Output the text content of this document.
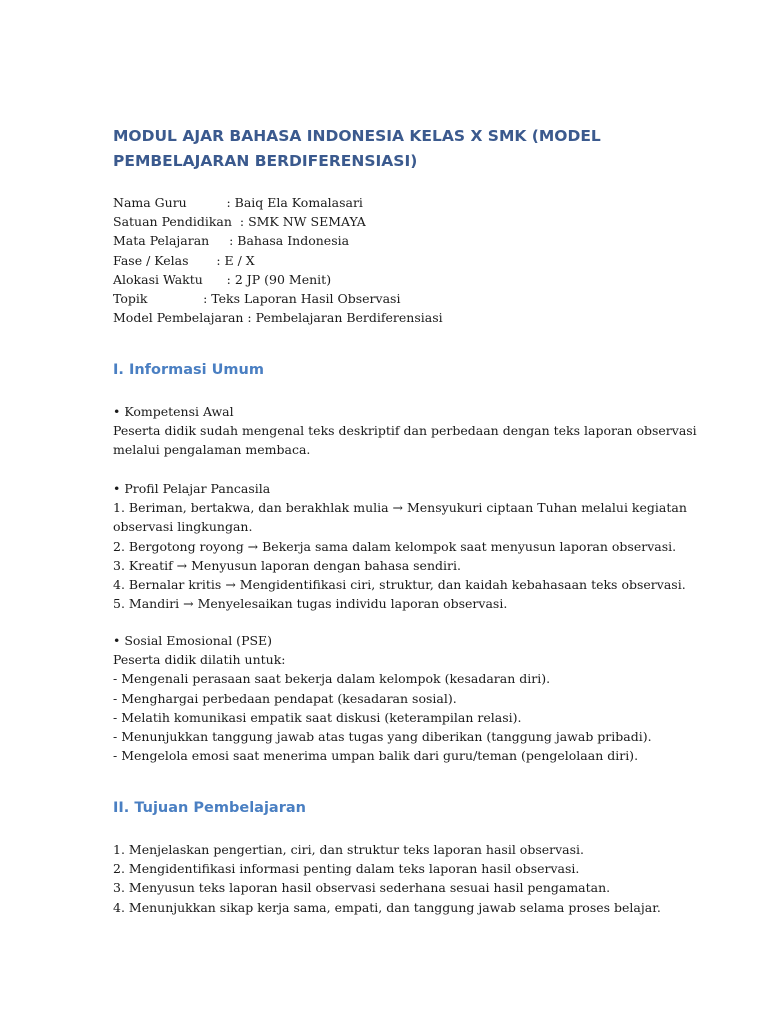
MODUL AJAR BAHASA INDONESIA KELAS X SMK (MODEL PEMBELAJARAN BERDIFERENSIASI)

Nama Guru          : Baiq Ela Komalasari

Satuan Pendidikan  : SMK NW SEMAYA

Mata Pelajaran     : Bahasa Indonesia

Fase / Kelas       : E / X

Alokasi Waktu      : 2 JP (90 Menit)

Topik              : Teks Laporan Hasil Observasi

Model Pembelajaran : Pembelajaran Berdiferensiasi

I. Informasi Umum

• Kompetensi Awal

Peserta didik sudah mengenal teks deskriptif dan perbedaan dengan teks laporan observasi

melalui pengalaman membaca.

• Profil Pelajar Pancasila

1. Beriman, bertakwa, dan berakhlak mulia → Mensyukuri ciptaan Tuhan melalui kegiatan

observasi lingkungan.

2. Bergotong royong → Bekerja sama dalam kelompok saat menyusun laporan observasi.

3. Kreatif → Menyusun laporan dengan bahasa sendiri.

4. Bernalar kritis → Mengidentifikasi ciri, struktur, dan kaidah kebahasaan teks observasi.

5. Mandiri → Menyelesaikan tugas individu laporan observasi.

• Sosial Emosional (PSE)

Peserta didik dilatih untuk:

- Mengenali perasaan saat bekerja dalam kelompok (kesadaran diri).

- Menghargai perbedaan pendapat (kesadaran sosial).

- Melatih komunikasi empatik saat diskusi (keterampilan relasi).

- Menunjukkan tanggung jawab atas tugas yang diberikan (tanggung jawab pribadi).

- Mengelola emosi saat menerima umpan balik dari guru/teman (pengelolaan diri).

II. Tujuan Pembelajaran

1. Menjelaskan pengertian, ciri, dan struktur teks laporan hasil observasi.

2. Mengidentifikasi informasi penting dalam teks laporan hasil observasi.

3. Menyusun teks laporan hasil observasi sederhana sesuai hasil pengamatan.

4. Menunjukkan sikap kerja sama, empati, dan tanggung jawab selama proses belajar.
